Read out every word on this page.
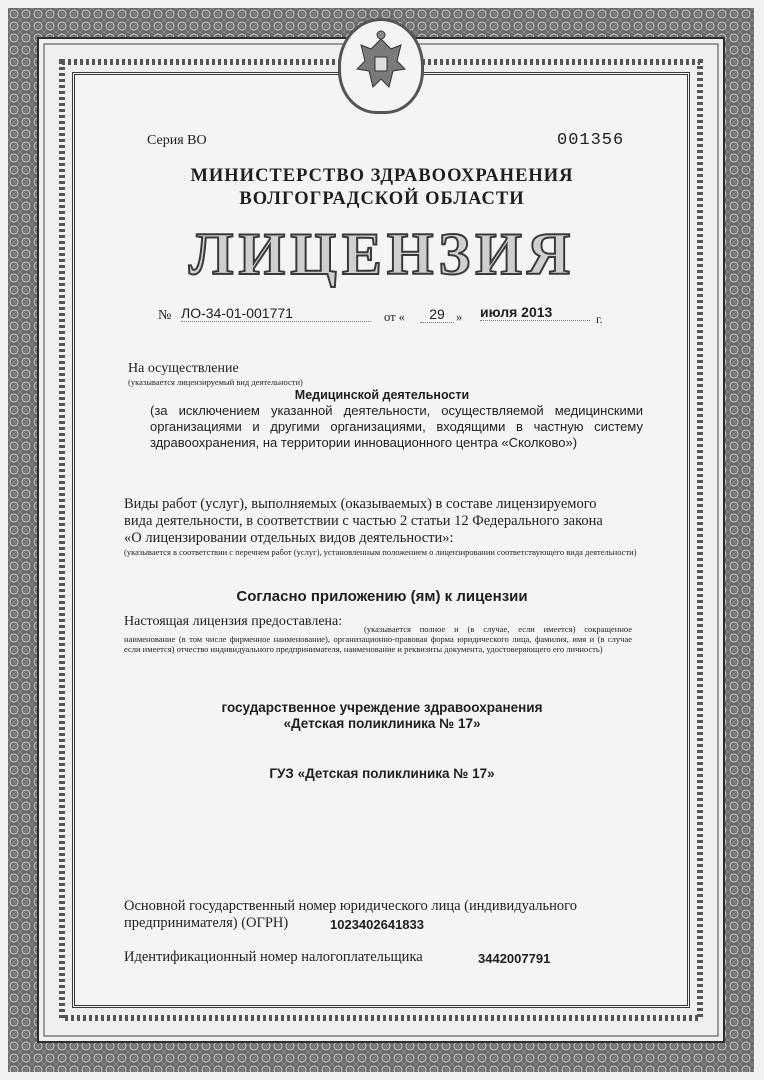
Серия ВО	001356
МИНИСТЕРСТВО ЗДРАВООХРАНЕНИЯ
ВОЛГОГРАДСКОЙ ОБЛАСТИ
ЛИЦЕНЗИЯ
№ ЛО-34-01-001771	от «	29 » июля 2013	г.
На осуществление
(указывается лицензируемый вид деятельности)
Медицинской деятельности
(за исключением указанной деятельности, осуществляемой медицинскими организациями и другими организациями, входящими в частную систему здравоохранения, на территории инновационного центра «Сколково»)
Виды работ (услуг), выполняемых (оказываемых) в составе лицензируемого
вида деятельности, в соответствии с частью 2 статьи 12 Федерального закона
«О лицензировании отдельных видов деятельности»:
(указывается в соответствии с перечнем работ (услуг), установленным положением о лицензировании соответствующего вида деятельности)
Согласно приложению (ям) к лицензии
Настоящая лицензия предоставлена:	(указывается полное и (в случае, если имеется) сокращенное наименование (в том числе фирменное наименование), организационно-правовая форма юридического лица, фамилия, имя и (в случае если имеется) отчество индивидуального предпринимателя, наименование и реквизиты документа, удостоверяющего его личность)
государственное учреждение здравоохранения
«Детская поликлиника № 17»
ГУЗ «Детская поликлиника № 17»
Основной государственный номер юридического лица (индивидуального
предпринимателя) (ОГРН)	1023402641833
Идентификационный номер налогоплательщика	3442007791
